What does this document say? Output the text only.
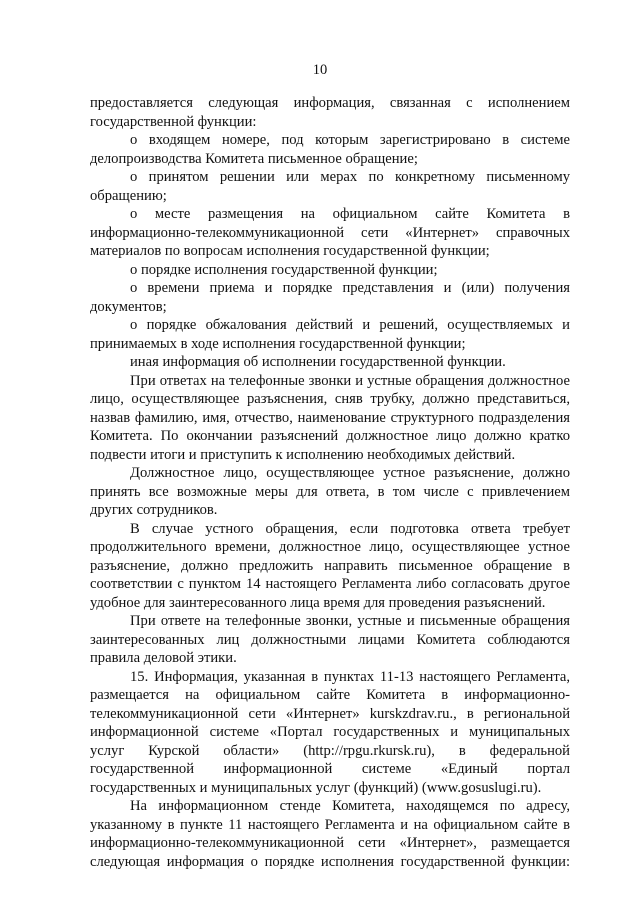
10

предоставляется следующая информация, связанная с исполнением государственной функции:

о входящем номере, под которым зарегистрировано в системе делопроизводства Комитета письменное обращение;

о принятом решении или мерах по конкретному письменному обращению;

о месте размещения на официальном сайте Комитета в информационно-телекоммуникационной сети «Интернет» справочных материалов по вопросам исполнения государственной функции;

о порядке исполнения государственной функции;

о времени приема и порядке представления и (или) получения документов;

о порядке обжалования действий и решений, осуществляемых и принимаемых в ходе исполнения государственной функции;

иная информация об исполнении государственной функции.

При ответах на телефонные звонки и устные обращения должностное лицо, осуществляющее разъяснения, сняв трубку, должно представиться, назвав фамилию, имя, отчество, наименование структурного подразделения Комитета. По окончании разъяснений должностное лицо должно кратко подвести итоги и приступить к исполнению необходимых действий.

Должностное лицо, осуществляющее устное разъяснение, должно принять все возможные меры для ответа, в том числе с привлечением других сотрудников.

В случае устного обращения, если подготовка ответа требует продолжительного времени, должностное лицо, осуществляющее устное разъяснение, должно предложить направить письменное обращение в соответствии с пунктом 14 настоящего Регламента либо согласовать другое удобное для заинтересованного лица время для проведения разъяснений.

При ответе на телефонные звонки, устные и письменные обращения заинтересованных лиц должностными лицами Комитета соблюдаются правила деловой этики.

15. Информация, указанная в пунктах 11-13 настоящего Регламента, размещается на официальном сайте Комитета в информационно-телекоммуникационной сети «Интернет» kurskzdrav.ru., в региональной информационной системе «Портал государственных и муниципальных услуг Курской области» (http://rpgu.rkursk.ru), в федеральной государственной информационной системе «Единый портал государственных и муниципальных услуг (функций) (www.gosuslugi.ru).

На информационном стенде Комитета, находящемся по адресу, указанному в пункте 11 настоящего Регламента и на официальном сайте в информационно-телекоммуникационной сети «Интернет», размещается следующая информация о порядке исполнения государственной функции:
